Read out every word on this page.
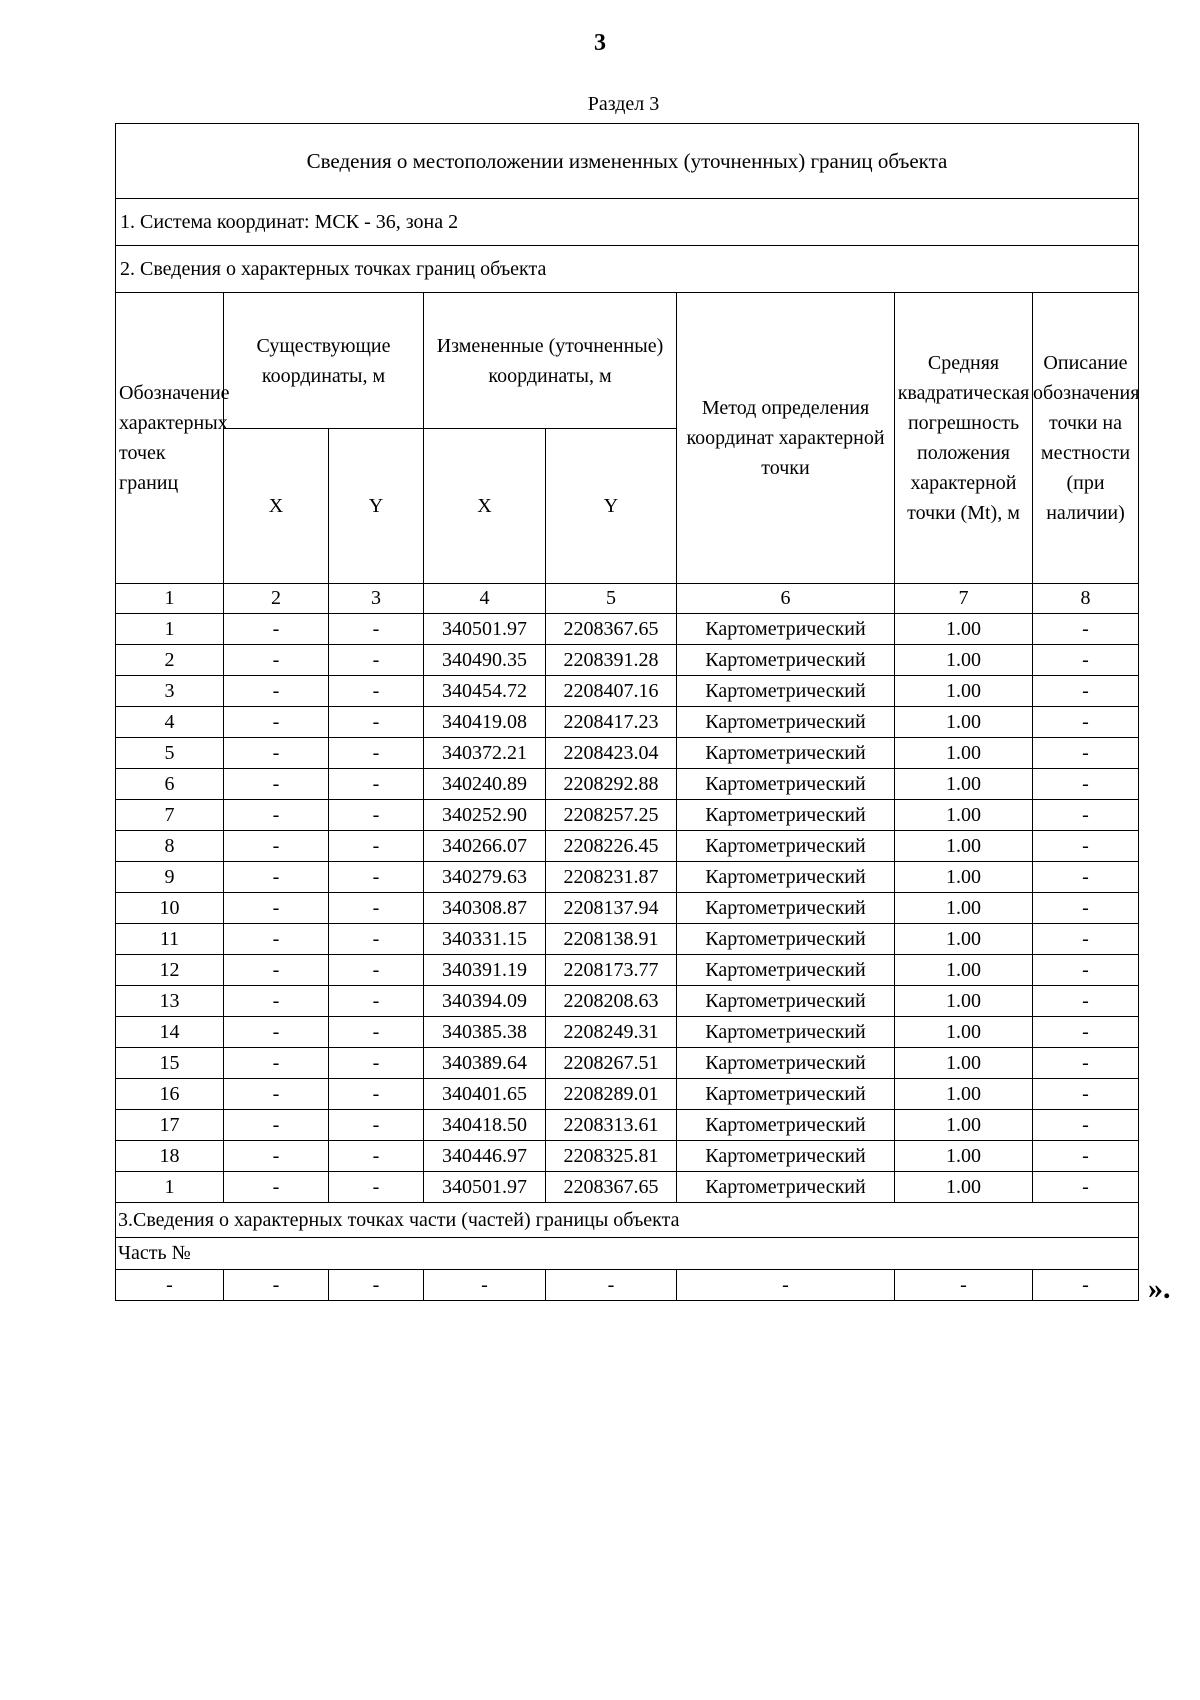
3
Раздел 3
Сведения о местоположении измененных (уточненных) границ объекта							
1. Система координат: МСК - 36, зона 2							
2. Сведения о характерных точках границ объекта							
Обозначение характерных точек границ	Существующие координаты, м		Измененные (уточненные) координаты, м		Метод определения координат характерной точки	Средняя квадратическая погрешность положения характерной точки (Mt), м	Описание обозначения точки на местности (при наличии)
	X	Y	X	Y			
1	2	3	4	5	6	7	8
1	-	-	340501.97	2208367.65	Картометрический	1.00	-
2	-	-	340490.35	2208391.28	Картометрический	1.00	-
3	-	-	340454.72	2208407.16	Картометрический	1.00	-
4	-	-	340419.08	2208417.23	Картометрический	1.00	-
5	-	-	340372.21	2208423.04	Картометрический	1.00	-
6	-	-	340240.89	2208292.88	Картометрический	1.00	-
7	-	-	340252.90	2208257.25	Картометрический	1.00	-
8	-	-	340266.07	2208226.45	Картометрический	1.00	-
9	-	-	340279.63	2208231.87	Картометрический	1.00	-
10	-	-	340308.87	2208137.94	Картометрический	1.00	-
11	-	-	340331.15	2208138.91	Картометрический	1.00	-
12	-	-	340391.19	2208173.77	Картометрический	1.00	-
13	-	-	340394.09	2208208.63	Картометрический	1.00	-
14	-	-	340385.38	2208249.31	Картометрический	1.00	-
15	-	-	340389.64	2208267.51	Картометрический	1.00	-
16	-	-	340401.65	2208289.01	Картометрический	1.00	-
17	-	-	340418.50	2208313.61	Картометрический	1.00	-
18	-	-	340446.97	2208325.81	Картометрический	1.00	-
1	-	-	340501.97	2208367.65	Картометрический	1.00	-
3.Сведения о характерных точках части (частей) границы объекта							
Часть №							
-	-	-	-	-	-	-	- ».
